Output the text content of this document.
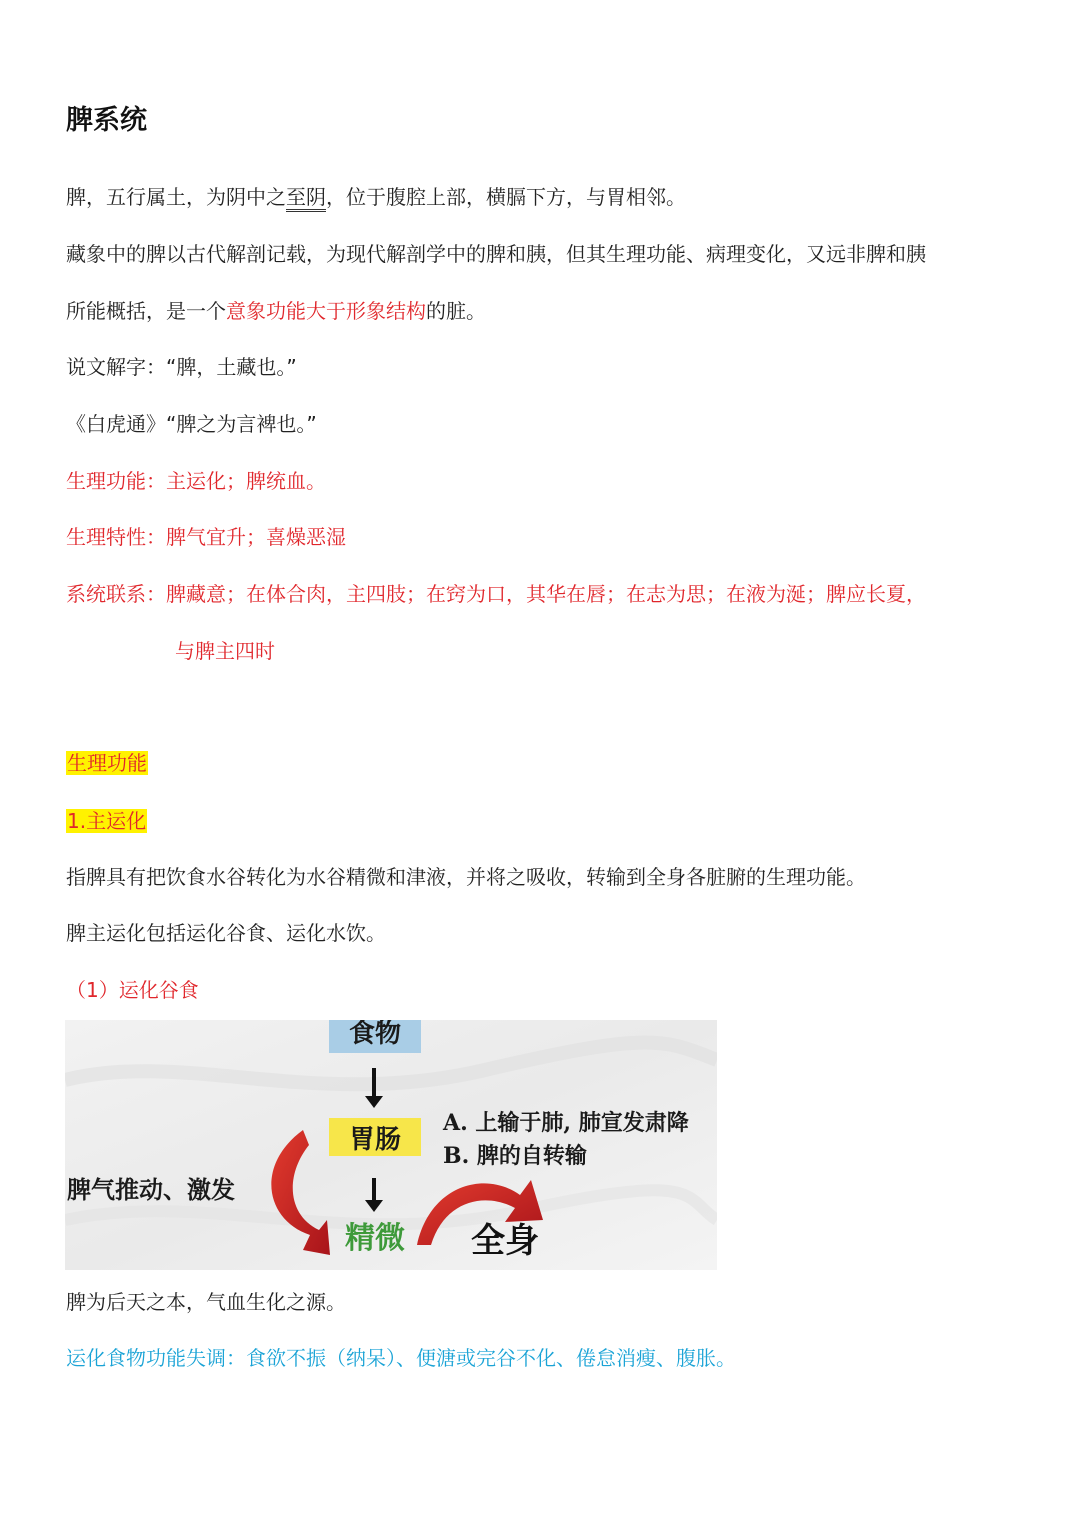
脾系统
脾，五行属土，为阴中之至阴，位于腹腔上部，横膈下方，与胃相邻。
藏象中的脾以古代解剖记载，为现代解剖学中的脾和胰，但其生理功能、病理变化，又远非脾和胰
所能概括，是一个意象功能大于形象结构的脏。
说文解字：“脾，土藏也。”
《白虎通》“脾之为言裨也。”
生理功能：主运化；脾统血。
生理特性：脾气宜升；喜燥恶湿
系统联系：脾藏意；在体合肉，主四肢；在窍为口，其华在唇；在志为思；在液为涎；脾应长夏，
与脾主四时
生理功能
1.主运化
指脾具有把饮食水谷转化为水谷精微和津液，并将之吸收，转输到全身各脏腑的生理功能。
脾主运化包括运化谷食、运化水饮。
（1）运化谷食
食物
胃肠
精微 全身
脾气推动、激发
A. 上输于肺, 肺宣发肃降
B. 脾的自转输
脾为后天之本，气血生化之源。
运化食物功能失调：食欲不振（纳呆）、便溏或完谷不化、倦怠消瘦、腹胀。
